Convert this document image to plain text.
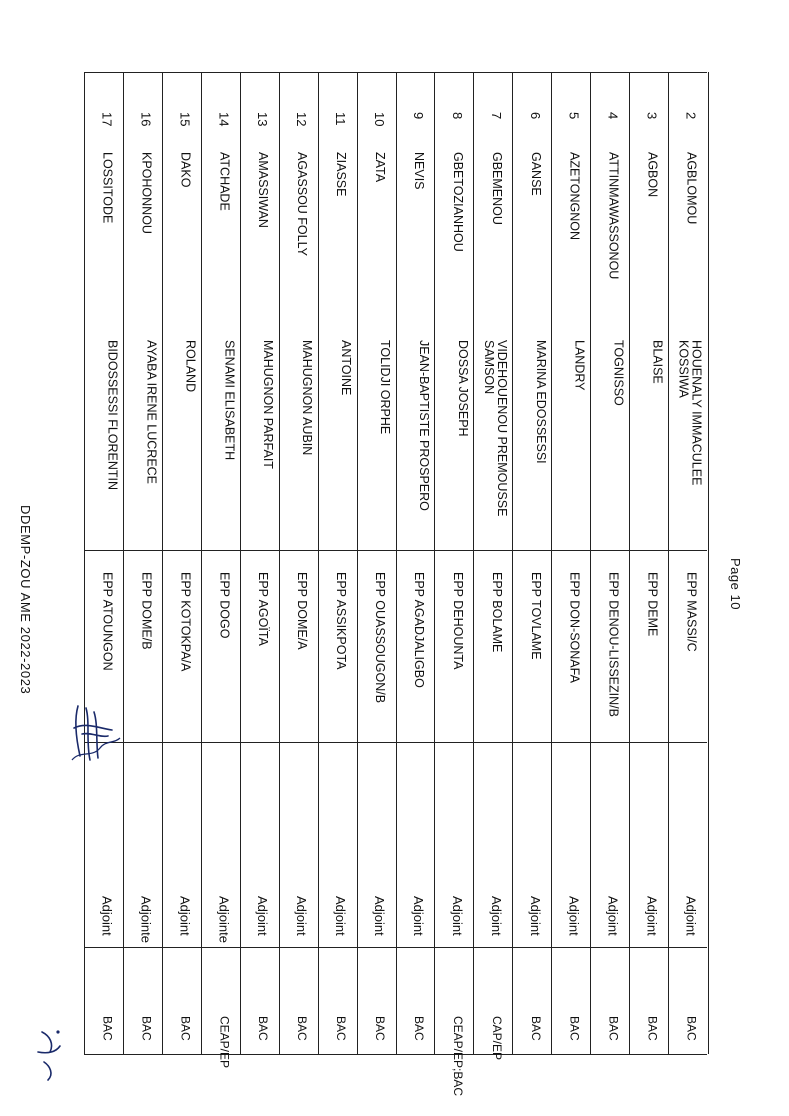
Page 10
2
AGBLOMOU
HOUENALY IMMACULEE KOSSIWA
EPP MASSI/C
Adjoint
BAC
3
AGBON
BLAISE
EPP DEME
Adjoint
BAC
4
ATTINMAWASSONOU
TOGNISSO
EPP DENOU-LISSEZIN/B
Adjoint
BAC
5
AZETONGNON
LANDRY
EPP DON-SONAFA
Adjoint
BAC
6
GANSE
MARINA EDOSSESSI
EPP TOVLAME
Adjoint
BAC
7
GBEMENOU
VIDEHOUENOU PREMOUSSE SAMSON
EPP BOLAME
Adjoint
CAP/EP
8
GBETOZIANHOU
DOSSA JOSEPH
EPP DEHOUNTA
Adjoint
CEAP/EP;BAC
9
NEVIS
JEAN-BAPTISTE PROSPERO
EPP AGADJALIGBO
Adjoint
BAC
10
ZATA
TOLIDJI ORPHE
EPP OUASSOUGON/B
Adjoint
BAC
11
ZIASSE
ANTOINE
EPP ASSIKPOTA
Adjoint
BAC
12
AGASSOU FOLLY
MAHUGNON AUBIN
EPP DOME/A
Adjoint
BAC
13
AMASSIWAN
MAHUGNON PARFAIT
EPP AGOÏTA
Adjoint
BAC
14
ATCHADE
SENAMI ELISABETH
EPP DOGO
Adjointe
CEAP/EP
15
DAKO
ROLAND
EPP KOTOKPA/A
Adjoint
BAC
16
KPOHONNOU
AYABA IRENE LUCRECE
EPP DOME/B
Adjointe
BAC
17
LOSSITODE
BIDOSSESSI FLORENTIN
EPP ATOUNGON
Adjoint
BAC
DDEMP-ZOU AME 2022-2023
